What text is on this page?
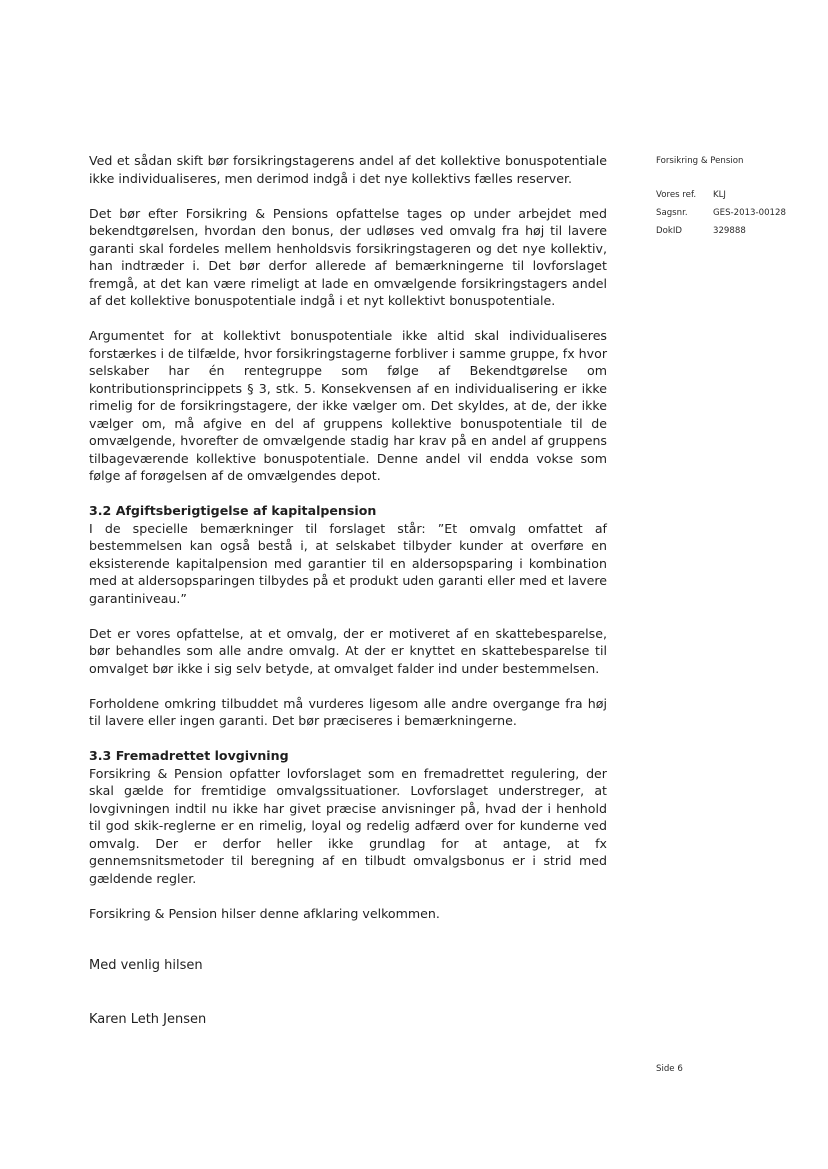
Forsikring & Pension
Vores ref.	KLJ
Sagsnr.	GES-2013-00128
DokID	329888

Ved et sådan skift bør forsikringstagerens andel af det kollektive bonuspotentiale ikke individualiseres, men derimod indgå i det nye kollektivs fælles reserver.

Det bør efter Forsikring & Pensions opfattelse tages op under arbejdet med bekendtgørelsen, hvordan den bonus, der udløses ved omvalg fra høj til lavere garanti skal fordeles mellem henholdsvis forsikringstageren og det nye kollektiv, han indtræder i. Det bør derfor allerede af bemærkningerne til lovforslaget fremgå, at det kan være rimeligt at lade en omvælgende forsikringstagers andel af det kollektive bonuspotentiale indgå i et nyt kollektivt bonuspotentiale.

Argumentet for at kollektivt bonuspotentiale ikke altid skal individualiseres forstærkes i de tilfælde, hvor forsikringstagerne forbliver i samme gruppe, fx hvor selskaber har én rentegruppe som følge af Bekendtgørelse om kontributionsprincippets § 3, stk. 5. Konsekvensen af en individualisering er ikke rimelig for de forsikringstagere, der ikke vælger om. Det skyldes, at de, der ikke vælger om, må afgive en del af gruppens kollektive bonuspotentiale til de omvælgende, hvorefter de omvælgende stadig har krav på en andel af gruppens tilbageværende kollektive bonuspotentiale. Denne andel vil endda vokse som følge af forøgelsen af de omvælgendes depot.

3.2 Afgiftsberigtigelse af kapitalpension
I de specielle bemærkninger til forslaget står: ”Et omvalg omfattet af bestemmelsen kan også bestå i, at selskabet tilbyder kunder at overføre en eksisterende kapitalpension med garantier til en aldersopsparing i kombination med at aldersopsparingen tilbydes på et produkt uden garanti eller med et lavere garantiniveau.”

Det er vores opfattelse, at et omvalg, der er motiveret af en skattebesparelse, bør behandles som alle andre omvalg. At der er knyttet en skattebesparelse til omvalget bør ikke i sig selv betyde, at omvalget falder ind under bestemmelsen.

Forholdene omkring tilbuddet må vurderes ligesom alle andre overgange fra høj til lavere eller ingen garanti. Det bør præciseres i bemærkningerne.

3.3 Fremadrettet lovgivning
Forsikring & Pension opfatter lovforslaget som en fremadrettet regulering, der skal gælde for fremtidige omvalgssituationer. Lovforslaget understreger, at lovgivningen indtil nu ikke har givet præcise anvisninger på, hvad der i henhold til god skik-reglerne er en rimelig, loyal og redelig adfærd over for kunderne ved omvalg. Der er derfor heller ikke grundlag for at antage, at fx gennemsnitsmetoder til beregning af en tilbudt omvalgsbonus er i strid med gældende regler.

Forsikring & Pension hilser denne afklaring velkommen.

Med venlig hilsen
Karen Leth Jensen
Side 6
